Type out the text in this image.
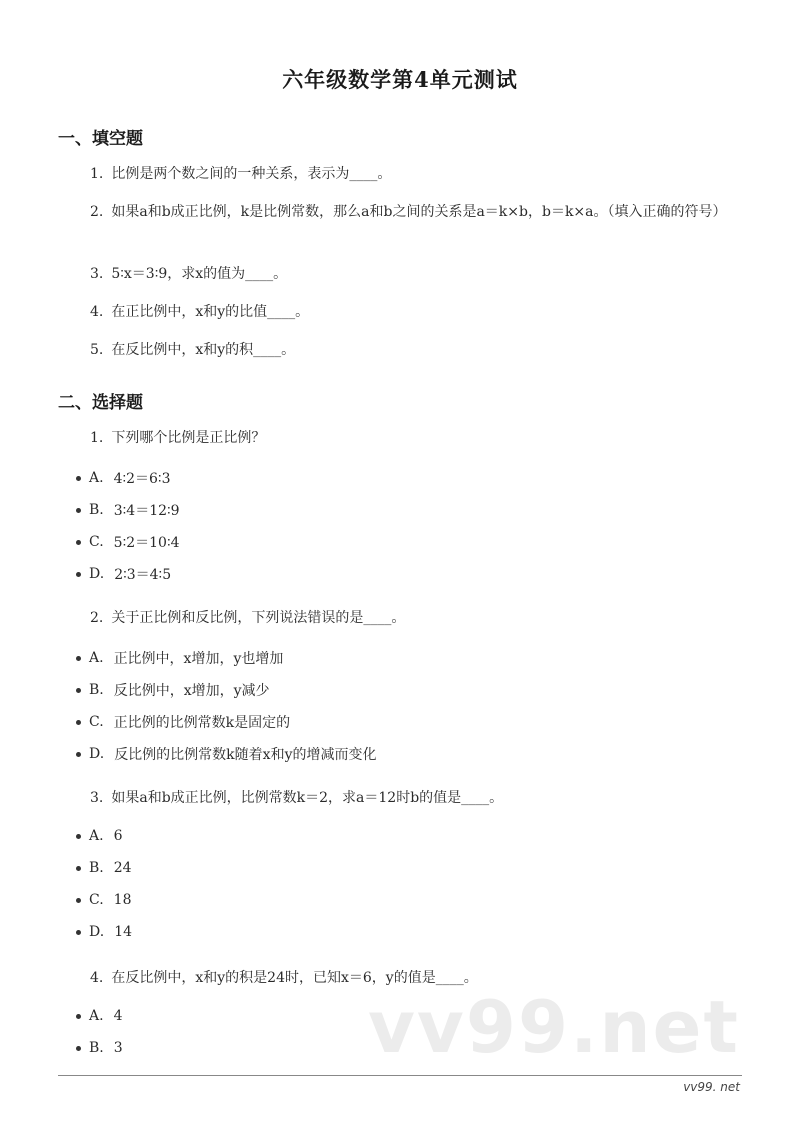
六年级数学第4单元测试
一、填空题
1. 比例是两个数之间的一种关系，表示为____。
2. 如果a和b成正比例，k是比例常数，那么a和b之间的关系是a＝k×b，b＝k×a。（填入正确的符号）
3. 5∶x＝3∶9，求x的值为____。
4. 在正比例中，x和y的比值____。
5. 在反比例中，x和y的积____。
二、选择题
1. 下列哪个比例是正比例？
A. 4∶2＝6∶3
B. 3∶4＝12∶9
C. 5∶2＝10∶4
D. 2∶3＝4∶5
2. 关于正比例和反比例，下列说法错误的是____。
A. 正比例中，x增加，y也增加
B. 反比例中，x增加，y减少
C. 正比例的比例常数k是固定的
D. 反比例的比例常数k随着x和y的增减而变化
3. 如果a和b成正比例，比例常数k＝2，求a＝12时b的值是____。
A. 6
B. 24
C. 18
D. 14
4. 在反比例中，x和y的积是24时，已知x＝6，y的值是____。
vv99.net
A. 4
B. 3
vv99. net
